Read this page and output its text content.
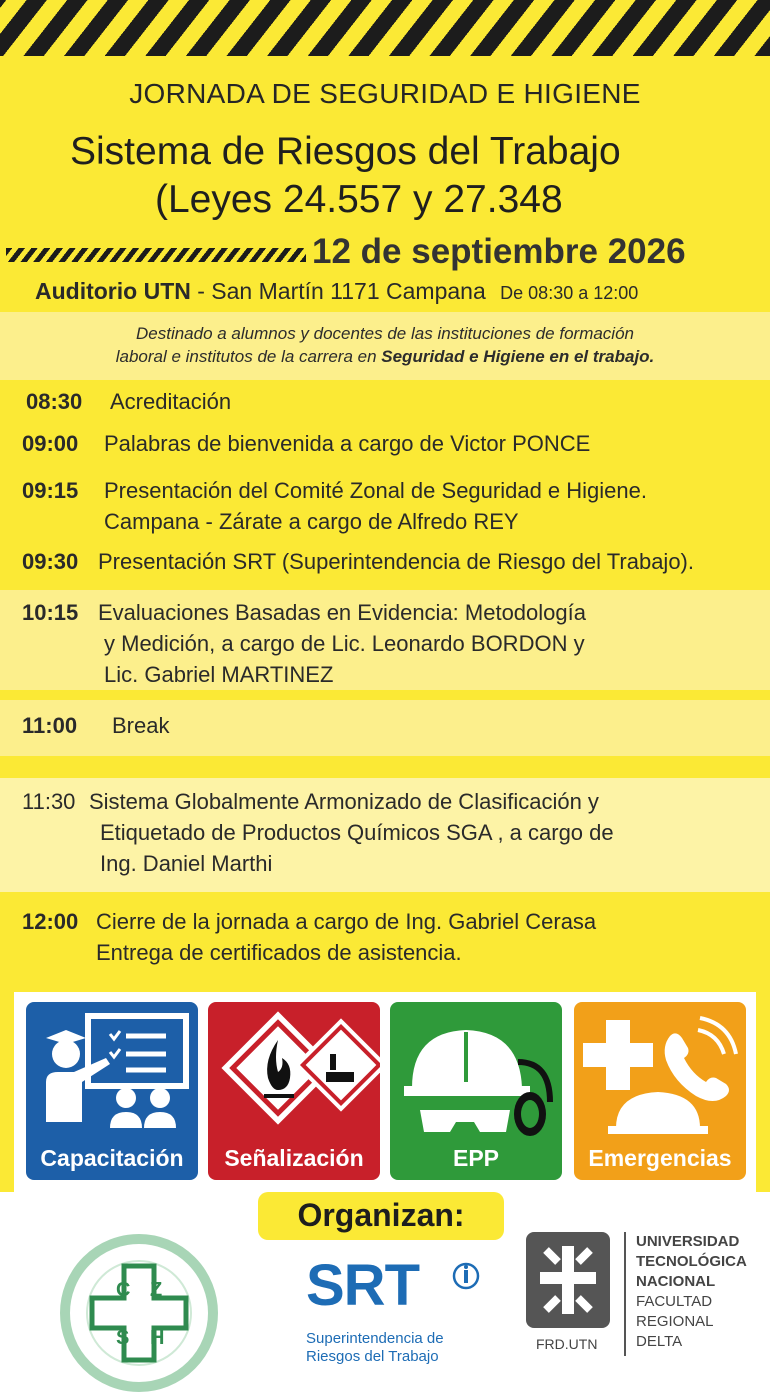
JORNADA DE SEGURIDAD E HIGIENE
Sistema de Riesgos del Trabajo
(Leyes 24.557 y 27.348
12 de septiembre 2026
Auditorio UTN - San Martín 1171 Campana De 08:30 a 12:00
Destinado a alumnos y docentes de las instituciones de formación
laboral e institutos de la carrera en Seguridad e Higiene en el trabajo.
08:30 Acreditación
09:00 Palabras de bienvenida a cargo de Victor PONCE
09:15 Presentación del Comité Zonal de Seguridad e Higiene.
Campana - Zárate a cargo de Alfredo REY
09:30 Presentación SRT (Superintendencia de Riesgo del Trabajo).
10:15 Evaluaciones Basadas en Evidencia: Metodología
y Medición, a cargo de Lic. Leonardo BORDON y
Lic. Gabriel MARTINEZ
11:00 Break
11:30 Sistema Globalmente Armonizado de Clasificación y
Etiquetado de Productos Químicos SGA , a cargo de
Ing. Daniel Marthi
12:00 Cierre de la jornada a cargo de Ing. Gabriel Cerasa
Entrega de certificados de asistencia.
Capacitación	Señalización	EPP	Emergencias
Organizan:
C Z
S H
SRT
Superintendencia de
Riesgos del Trabajo
FRD.UTN
UNIVERSIDAD
TECNOLÓGICA
NACIONAL
FACULTAD
REGIONAL
DELTA
